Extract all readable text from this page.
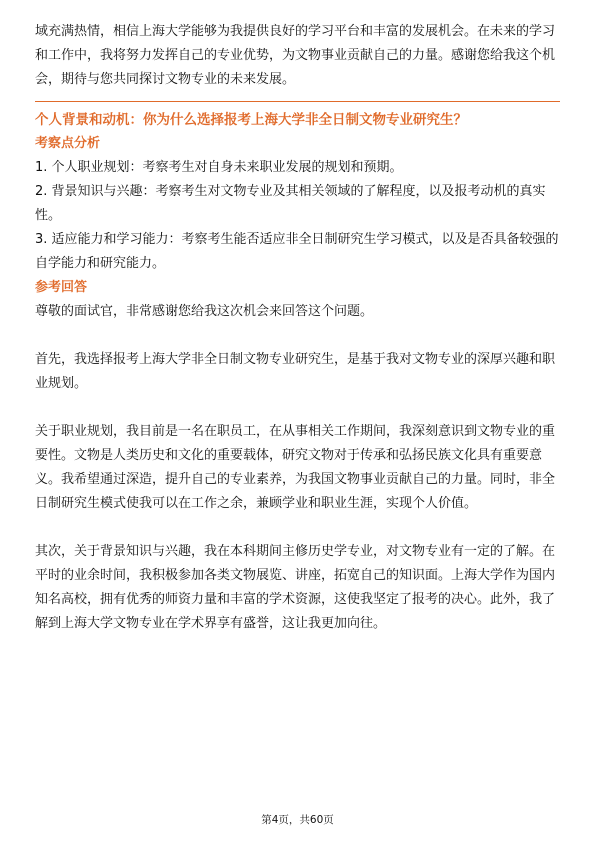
域充满热情，相信上海大学能够为我提供良好的学习平台和丰富的发展机会。在未来的学习和工作中，我将努力发挥自己的专业优势，为文物事业贡献自己的力量。感谢您给我这个机会，期待与您共同探讨文物专业的未来发展。

个人背景和动机：你为什么选择报考上海大学非全日制文物专业研究生？

考察点分析

1. 个人职业规划：考察考生对自身未来职业发展的规划和预期。

2. 背景知识与兴趣：考察考生对文物专业及其相关领域的了解程度，以及报考动机的真实性。

3. 适应能力和学习能力：考察考生能否适应非全日制研究生学习模式，以及是否具备较强的自学能力和研究能力。

参考回答

尊敬的面试官，非常感谢您给我这次机会来回答这个问题。

首先，我选择报考上海大学非全日制文物专业研究生，是基于我对文物专业的深厚兴趣和职业规划。

关于职业规划，我目前是一名在职员工，在从事相关工作期间，我深刻意识到文物专业的重要性。文物是人类历史和文化的重要载体，研究文物对于传承和弘扬民族文化具有重要意义。我希望通过深造，提升自己的专业素养，为我国文物事业贡献自己的力量。同时，非全日制研究生模式使我可以在工作之余，兼顾学业和职业生涯，实现个人价值。

其次，关于背景知识与兴趣，我在本科期间主修历史学专业，对文物专业有一定的了解。在平时的业余时间，我积极参加各类文物展览、讲座，拓宽自己的知识面。上海大学作为国内知名高校，拥有优秀的师资力量和丰富的学术资源，这使我坚定了报考的决心。此外，我了解到上海大学文物专业在学术界享有盛誉，这让我更加向往。

第4页，共60页
